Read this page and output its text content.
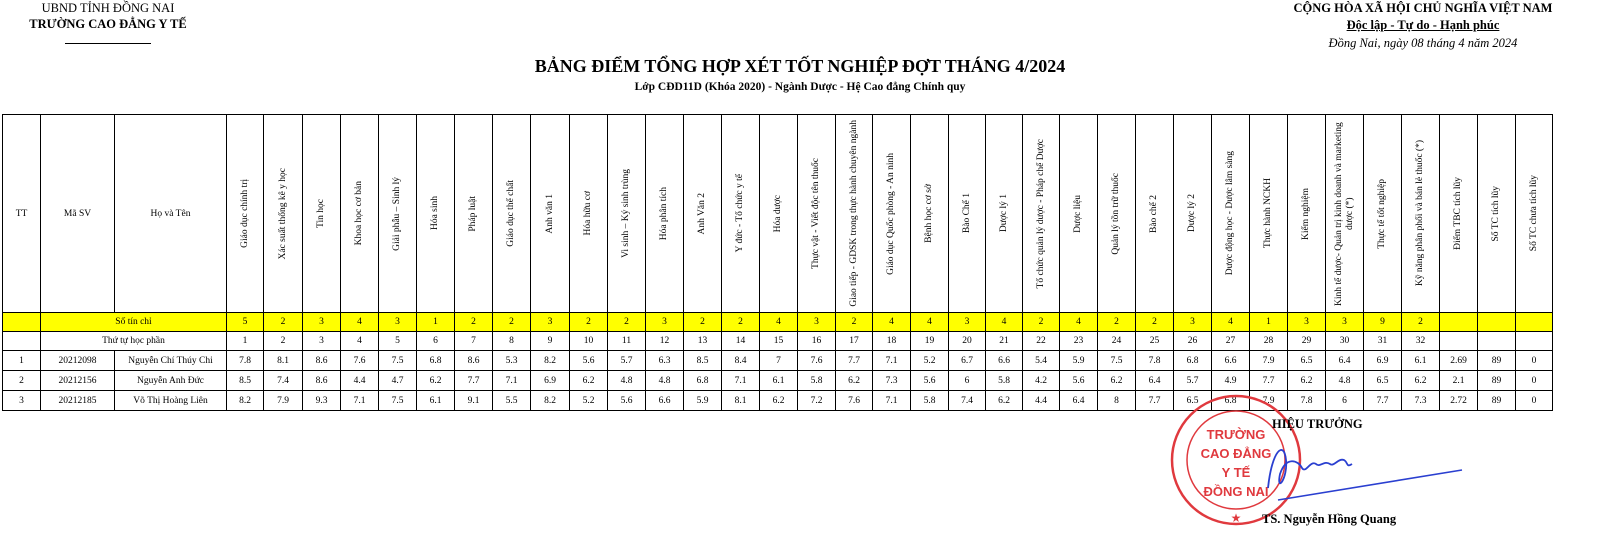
UBND TỈNH ĐỒNG NAI
TRƯỜNG CAO ĐẲNG Y TẾ
CỘNG HÒA XÃ HỘI CHỦ NGHĨA VIỆT NAM
Độc lập - Tự do - Hạnh phúc
Đồng Nai, ngày 08 tháng 4 năm 2024
BẢNG ĐIỂM TỔNG HỢP XÉT TỐT NGHIỆP ĐỢT THÁNG 4/2024
Lớp CĐD11D (Khóa 2020) - Ngành Dược - Hệ Cao đẳng Chính quy
TT	Mã SV	Họ và Tên	Giáo dục chính trị	Xác suất thống kê y học	Tin học	Khoa học cơ bản	Giải phẫu – Sinh lý	Hóa sinh	Pháp luật	Giáo dục thể chất	Anh văn 1	Hóa hữu cơ	Vi sinh – Ký sinh trùng	Hóa phân tích	Anh Văn 2	Y đức - Tổ chức y tế	Hóa dược	Thực vật - Viết độc tên thuốc	Giao tiếp - GDSK trong thực hành chuyên ngành	Giáo dục Quốc phòng - An ninh	Bệnh học cơ sở	Bào Chế 1	Dược lý 1	Tổ chức quản lý dược - Pháp chế Dược	Dược liệu	Quản lý tồn trữ thuốc	Bào chế 2	Dược lý 2	Dược động học - Dược lâm sàng	Thực hành NCKH	Kiểm nghiệm	Kinh tế dược- Quản trị kinh doanh và marketing dược (*)	Thực tế tốt nghiệp	Kỹ năng phân phối và bán lẻ thuốc (*)	Điểm TBC tích lũy	Số TC tích lũy	Số TC chưa tích lũy

	Số tín chỉ		5	2	3	4	3	1	2	2	3	2	2	3	2	2	4	3	2	4	4	3	4	2	4	2	2	3	4	1	3	3	9	2			
	Thứ tự học phần		1	2	3	4	5	6	7	8	9	10	11	12	13	14	15	16	17	18	19	20	21	22	23	24	25	26	27	28	29	30	31	32			
1	20212098	Nguyễn Chí Thúy Chi	7.8	8.1	8.6	7.6	7.5	6.8	8.6	5.3	8.2	5.6	5.7	6.3	8.5	8.4	7	7.6	7.7	7.1	5.2	6.7	6.6	5.4	5.9	7.5	7.8	6.8	6.6	7.9	6.5	6.4	6.9	6.1	2.69	89	0
2	20212156	Nguyễn Anh Đức	8.5	7.4	8.6	4.4	4.7	6.2	7.7	7.1	6.9	6.2	4.8	4.8	6.8	7.1	6.1	5.8	6.2	7.3	5.6	6	5.8	4.2	5.6	6.2	6.4	5.7	4.9	7.7	6.2	4.8	6.5	6.2	2.1	89	0
3	20212185	Võ Thị Hoàng Liên	8.2	7.9	9.3	7.1	7.5	6.1	9.1	5.5	8.2	5.2	5.6	6.6	5.9	8.1	6.2	7.2	7.6	7.1	5.8	7.4	6.2	4.4	6.4	8	7.7	6.5	6.8	7.9	7.8	6	7.7	7.3	2.72	89	0
TRƯỜNG
CAO ĐẲNG
Y TẾ
ĐỒNG NAI
★
HIỆU TRƯỞNG
TS. Nguyễn Hồng Quang
